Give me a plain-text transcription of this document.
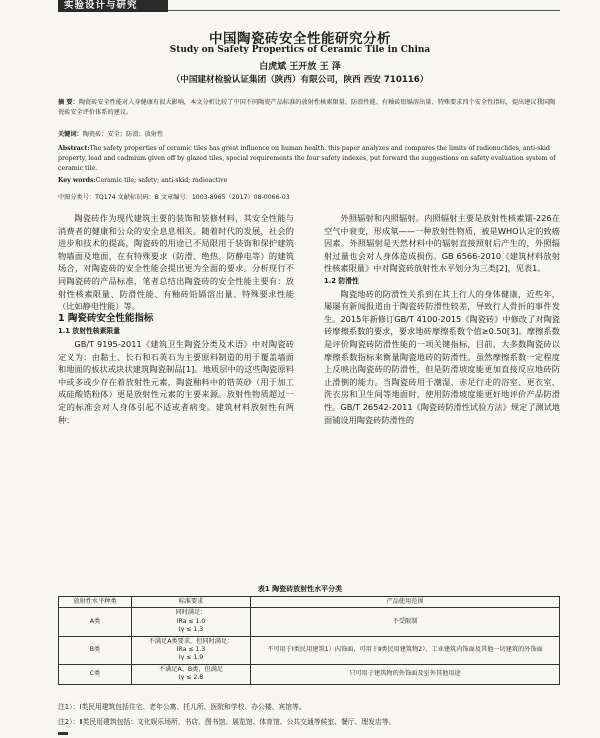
实验设计与研究
中国陶瓷砖安全性能研究分析
Study on Safety Propertics of Ceramic Tile in China
白虎斌 王开放 王 泽
（中国建材检验认证集团（陕西）有限公司，陕西 西安 710116）
摘 要：陶瓷砖安全性能对人身健康有很大影响，本文分析比较了中国不同陶瓷产品标准的放射性核素限量、防滑性能、有釉砖铅镉溶出量、特殊要求四个安全性指标，提出建议我国陶瓷砖安全评价体系的建议。
关键词：陶瓷砖；安全；防滑；放射性
Abstract:The safety properties of ceramic tiles has great influence on human health. this paper analyzes and compares the limits of radionuclides, anti-skid property, lead and cadmium given off by glazed tiles, special requirements the four safety indexes, put forward the suggestions on safety evaluation system of ceramic tile.
Key words:Ceramic tile; safety; anti-skid; radioactive
中图分类号：TQ174 文献标识码：B 文章编号：1003-8965（2017）08-0066-03

陶瓷砖作为现代建筑主要的装饰和装修材料，其安全性能与消费者的健康和公众的安全息息相关。随着时代的发展，社会的进步和技术的提高，陶瓷砖的用途已不局限用于装饰和保护建筑物墙面及地面，在有特殊要求（防滑、绝热、防静电等）的建筑场合，对陶瓷砖的安全性能会提出更为全面的要求。分析现行不同陶瓷砖的产品标准，笔者总结出陶瓷砖的安全性能主要有：放射性核素限量、防滑性能、有釉砖铅镉溶出量、特殊要求性能（比如静电性能）等。

1 陶瓷砖安全性能指标

1.1 放射性核素限量

GB/T 9195-2011《建筑卫生陶瓷分类及术语》中对陶瓷砖定义为：由黏土、长石和石英石为主要原料制造的用于覆盖墙面和地面的板状或块状建筑陶瓷制品[1]。地质层中的这些陶瓷原料中或多或少存在着放射性元素，陶瓷釉料中的锆英砂（用于加工成硅酸锆粉体）更是放射性元素的主要来源。放射性物质超过一定的标准会对人身体引起不适或者病变。建筑材料放射性有两种：

外照辐射和内照辐射。内照辐射主要是放射性核素镭-226在空气中衰变，形成氡——一种放射性物质，被是WHO认定的致癌因素。外照辐射是天然材料中的辐射直接照射后产生的，外照辐射过量也会对人身体造成损伤。GB 6566-2010《建筑材料放射性核素限量》中对陶瓷砖放射性水平划分为三类[2]，见表1。

1.2 防滑性

陶瓷地砖的防滑性关系到在其上行人的身体健康，近些年，屡屡有新闻报道由于陶瓷砖防滑性较差，导致行人骨折的事件发生。2015年新修订GB/T 4100-2015《陶瓷砖》中修改了对陶瓷砖摩擦系数的要求，要求地砖摩擦系数个值≥0.50[3]。摩擦系数是评价陶瓷砖防滑性能的一项关键指标，目前，大多数陶瓷砖以摩擦系数指标来衡量陶瓷地砖的防滑性。虽然摩擦系数一定程度上反映出陶瓷砖的防滑性，但是防滑坡度能更加直接反应地砖防止滑倒的能力。当陶瓷砖用于潮湿、赤足行走的浴室、更衣室、洗衣房和卫生间等地面时，使用防滑坡度能更好地评价产品防滑性。GB/T 26542-2011《陶瓷砖防滑性试验方法》规定了测试地面铺设用陶瓷砖防滑性的

表1 陶瓷砖放射性水平分类
放射性水平种类	标准要求	产品使用范围
A类	同时满足：
IRa ≤ 1.0
Iγ ≤ 1.3	不受限制
B类	不满足A类要求，但同时满足：
IRa ≤ 1.3
Iγ ≤ 1.9	不可用于Ⅰ类民用建筑1）内饰面，可用于Ⅱ类民用建筑物2）、工业建筑内饰面及其他一切建筑的外饰面
C类	不满足A、B类，但满足
Iγ ≤ 2.8	只可用于建筑物的外饰面及室外其他用途
注1）：Ⅰ类民用建筑包括住宅、老年公寓、托儿所、医院和学校、办公楼、宾馆等。
注2）：Ⅱ类民用建筑包括：文化娱乐场所、书店、图书馆、展览馆、体育馆、公共交通等候室、餐厅、理发店等。
